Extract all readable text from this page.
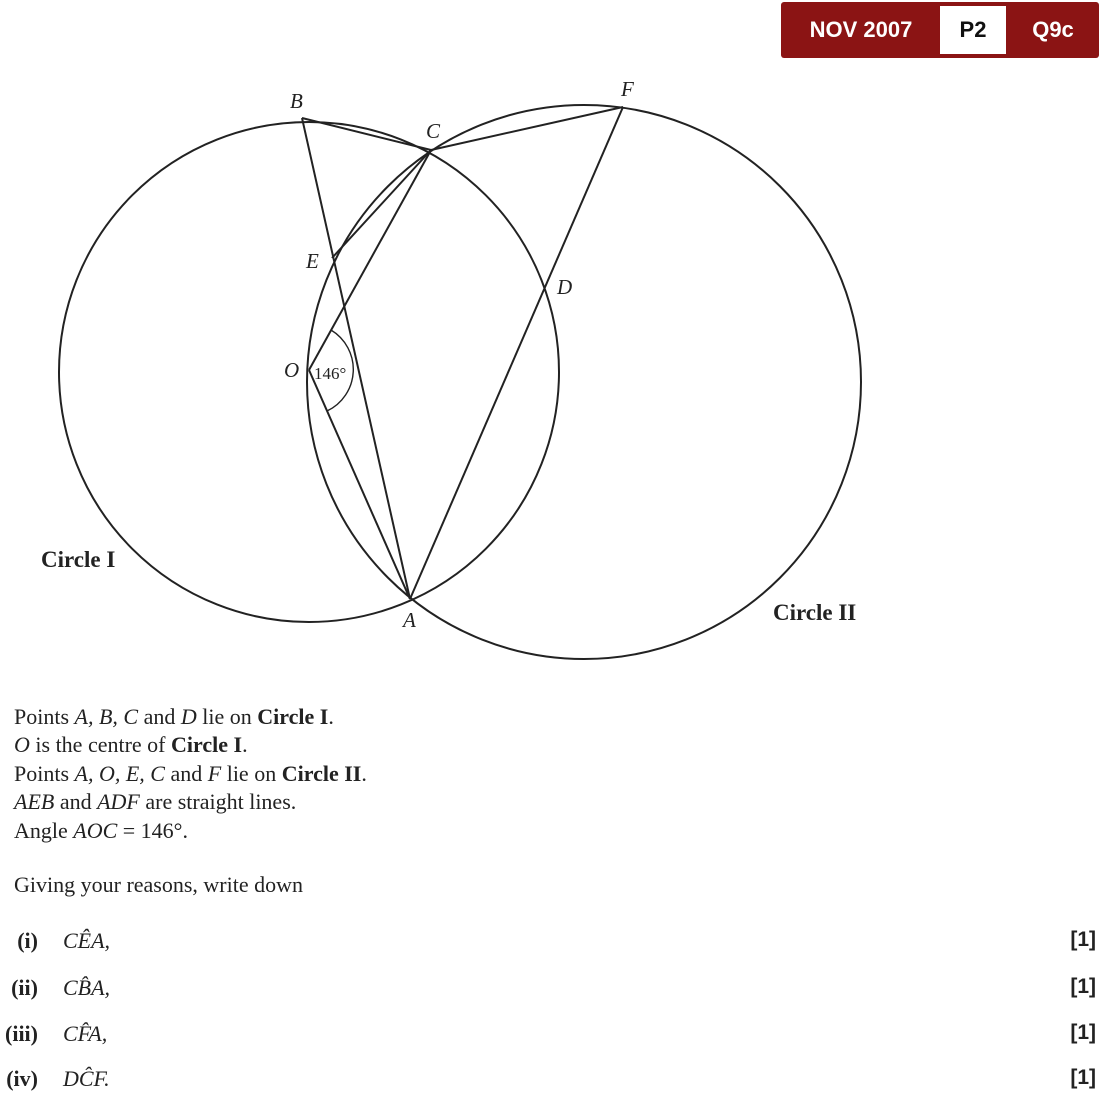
NOV 2007	P2	Q9c
B
C
F
E
D
O
A
146°
Circle I
Circle II
Points A, B, C and D lie on Circle I.
O is the centre of Circle I.
Points A, O, E, C and F lie on Circle II.
AEB and ADF are straight lines.
Angle AOC = 146°.
Giving your reasons, write down
(i) CÊA,	[1]
(ii) CB̂A,	[1]
(iii) CF̂A,	[1]
(iv) DĈF.	[1]
